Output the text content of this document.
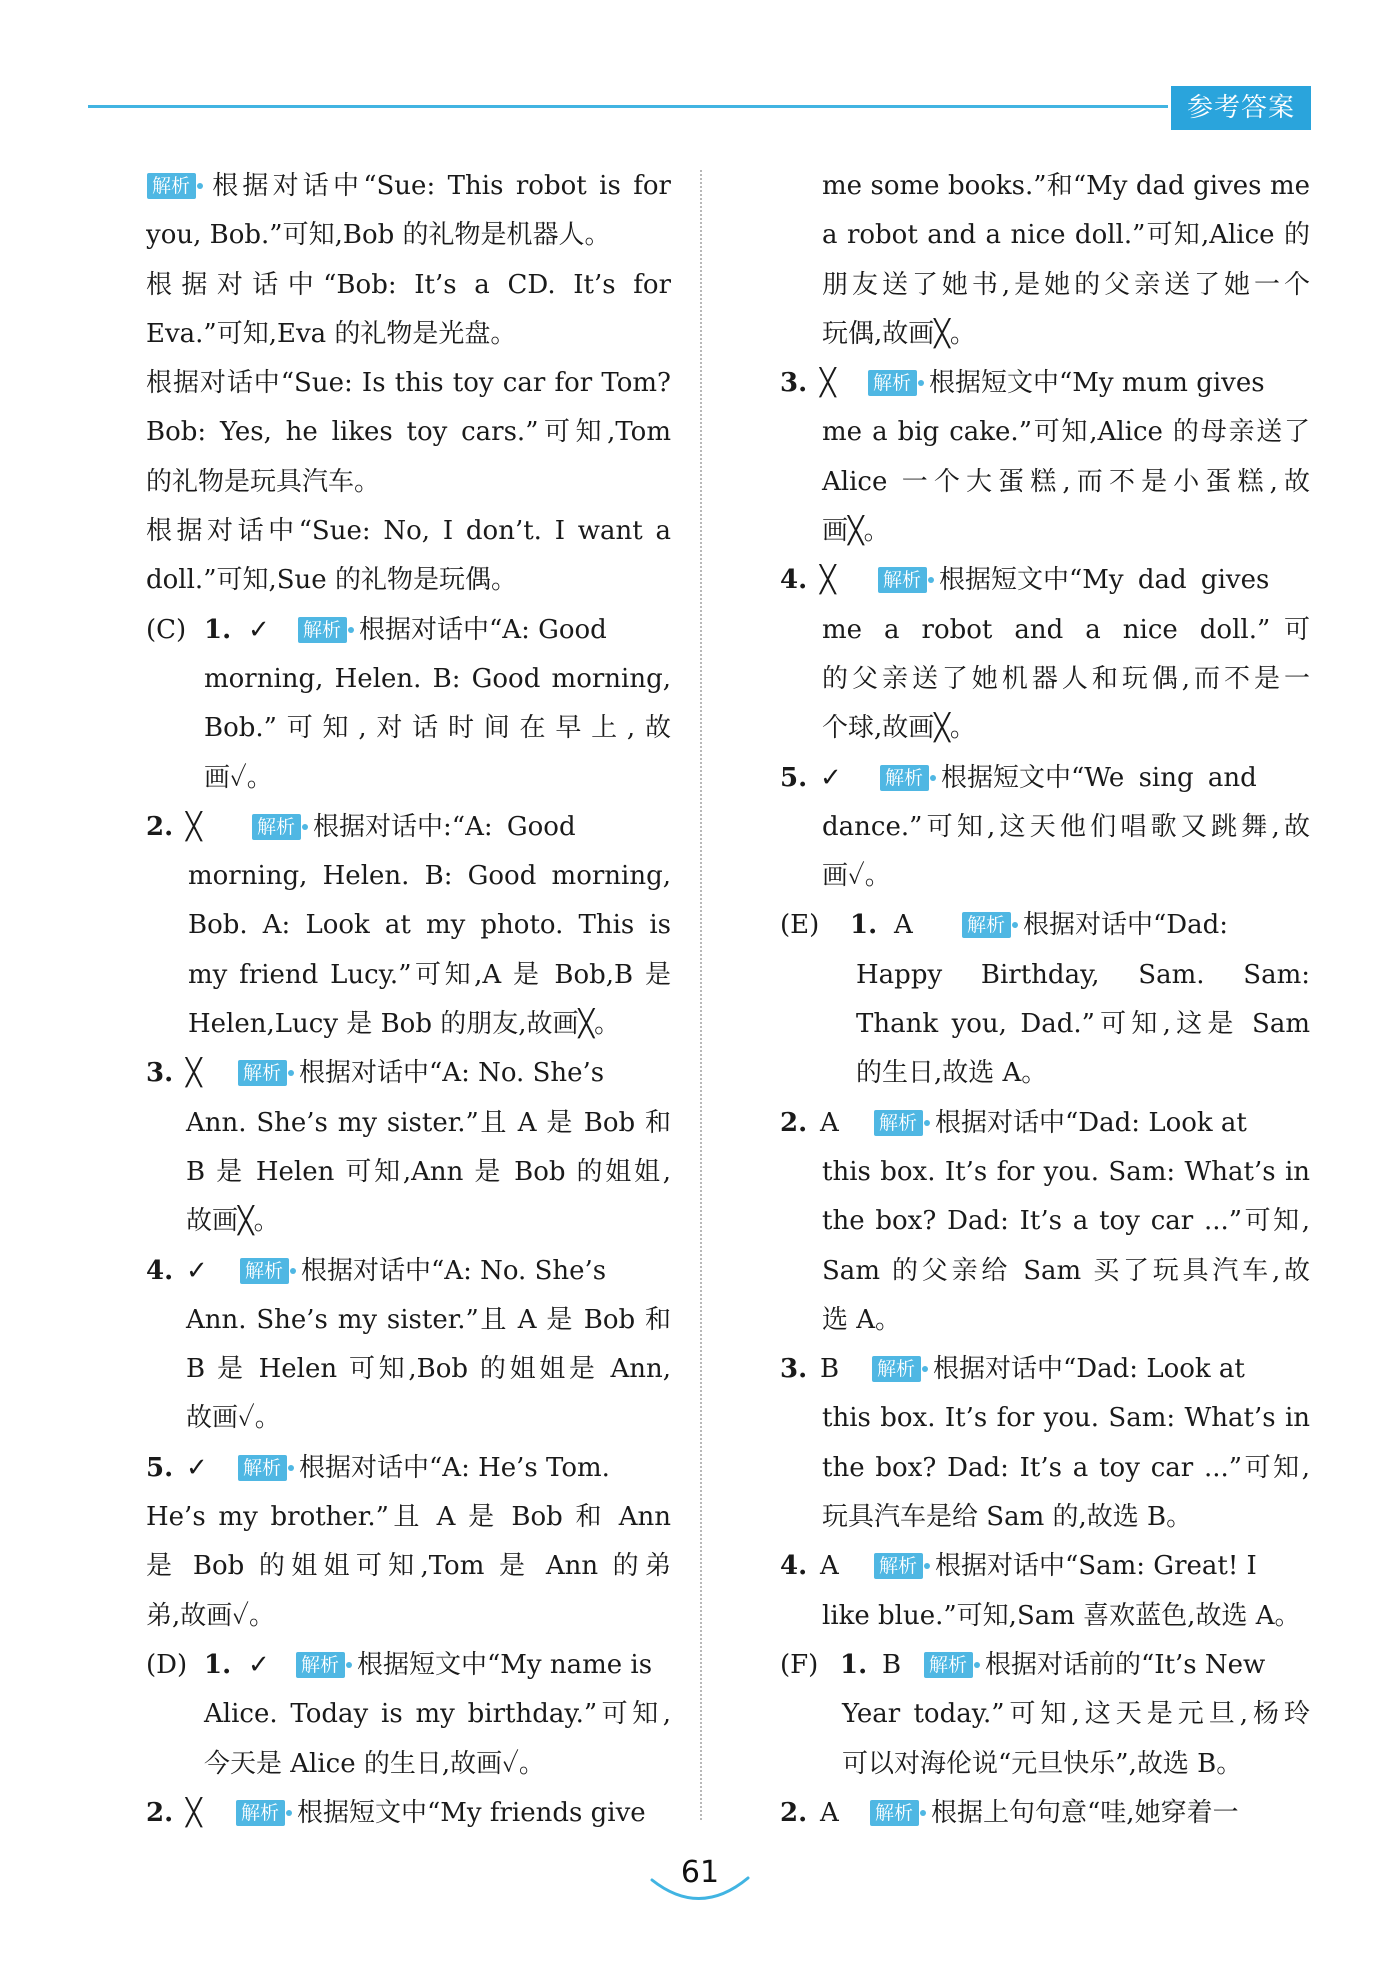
参考答案
解析 根据对话中“Sue: This robot is for
you, Bob.”可知,Bob 的礼物是机器人。
根据对话中“Bob: It’s a CD. It’s for
Eva.”可知,Eva 的礼物是光盘。
根据对话中“Sue: Is this toy car for Tom?
Bob: Yes, he likes toy cars.”可知,Tom
的礼物是玩具汽车。
根据对话中“Sue: No, I don’t. I want a
doll.”可知,Sue 的礼物是玩偶。
(C) 1. ✓ 解析 根据对话中“A: Good
morning, Helen. B: Good morning,
Bob.”可知,对话时间在早上,故
画✓。
2. ╳	解析 根据对话中:“A: Good
morning, Helen. B: Good morning,
Bob. A: Look at my photo. This is
my friend Lucy.”可知,A 是 Bob,B 是
Helen,Lucy 是 Bob 的朋友,故画╳。
3. ╳ 解析 根据对话中“A: No. She’s
Ann. She’s my sister.”且 A 是 Bob 和
B 是 Helen 可知,Ann 是 Bob 的姐姐,
故画╳。
4. ✓ 解析 根据对话中“A: No. She’s
Ann. She’s my sister.”且 A 是 Bob 和
B 是 Helen 可知,Bob 的姐姐是 Ann,
故画✓。
5. ✓ 解析 根据对话中“A: He’s Tom.
He’s my brother.”且 A 是 Bob 和 Ann
是 Bob 的姐姐可知,Tom 是 Ann 的弟
弟,故画✓。
(D) 1. ✓ 解析 根据短文中“My name is
Alice. Today is my birthday.”可知,
今天是 Alice 的生日,故画✓。
2. ╳ 解析 根据短文中“My friends give
me some books.”和“My dad gives me
a robot and a nice doll.”可知,Alice 的
朋友送了她书,是她的父亲送了她一个
玩偶,故画╳。
3. ╳ 解析 根据短文中“My mum gives
me a big cake.”可知,Alice 的母亲送了
Alice 一个大蛋糕,而不是小蛋糕,故
画╳。
4. ╳ 解析 根据短文中“My dad gives
me a robot and a nice doll.”可
的父亲送了她机器人和玩偶,而不是一
个球,故画╳。
5. ✓ 解析 根据短文中“We sing and
dance.”可知,这天他们唱歌又跳舞,故
画✓。
(E) 1. A	解析 根据对话中“Dad:
Happy Birthday, Sam. Sam:
Thank you, Dad.”可知,这是 Sam
的生日,故选 A。
2. A 解析 根据对话中“Dad: Look at
this box. It’s for you. Sam: What’s in
the box? Dad: It’s a toy car ...”可知,
Sam 的父亲给 Sam 买了玩具汽车,故
选 A。
3. B 解析 根据对话中“Dad: Look at
this box. It’s for you. Sam: What’s in
the box? Dad: It’s a toy car ...”可知,
玩具汽车是给 Sam 的,故选 B。
4. A 解析 根据对话中“Sam: Great! I
like blue.”可知,Sam 喜欢蓝色,故选 A。
(F) 1. B 解析 根据对话前的“It’s New
Year today.”可知,这天是元旦,杨玲
可以对海伦说“元旦快乐”,故选 B。
2. A 解析 根据上句句意“哇,她穿着一
61
